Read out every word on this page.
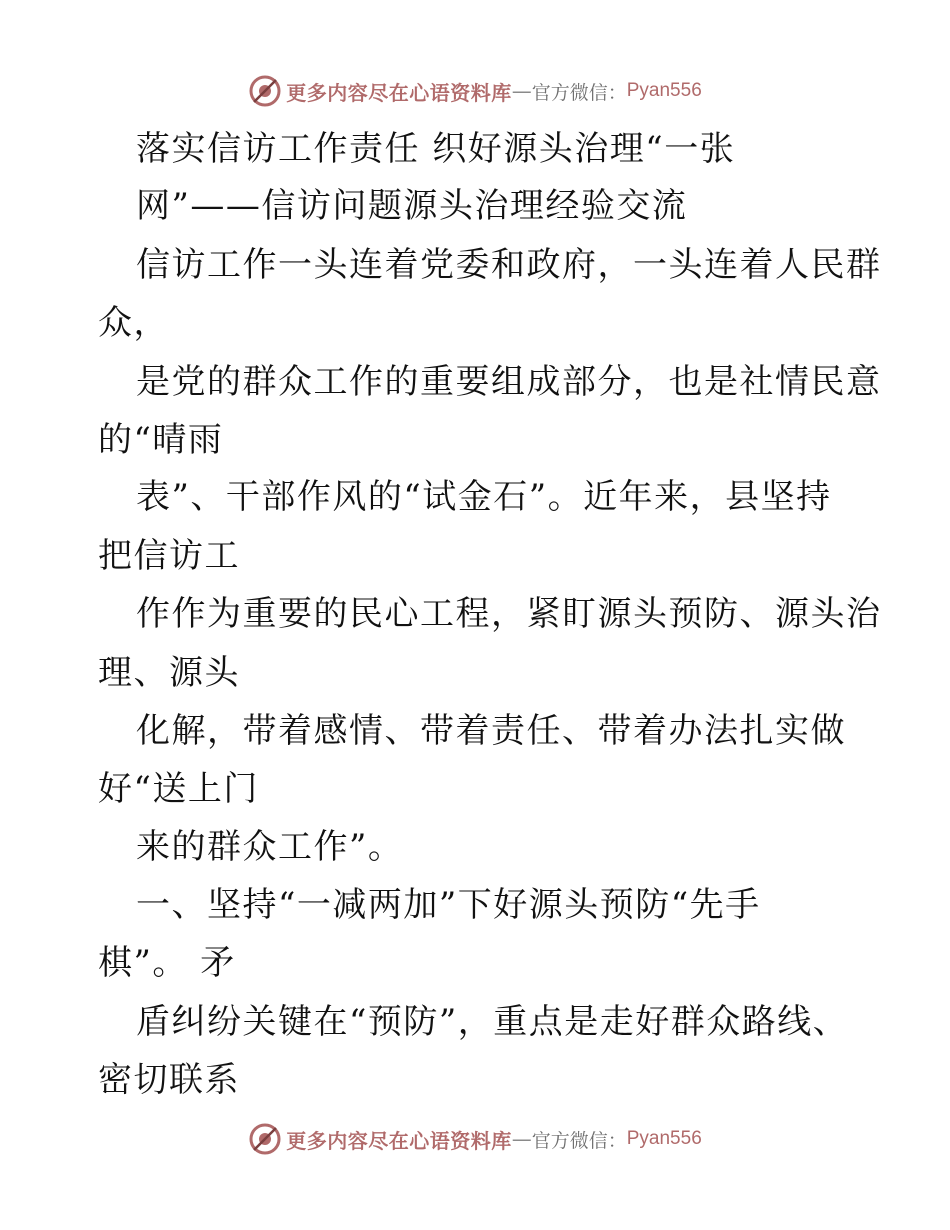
更多内容尽在心语资料库 — 官方微信： Pyan556
落实信访工作责任 织好源头治理“一张
网”——信访问题源头治理经验交流
信访工作一头连着党委和政府，一头连着人民群
众，
是党的群众工作的重要组成部分，也是社情民意
的“晴雨
表”、干部作风的“试金石”。近年来，县坚持
把信访工
作作为重要的民心工程，紧盯源头预防、源头治
理、源头
化解，带着感情、带着责任、带着办法扎实做
好“送上门
来的群众工作”。
一、坚持“一减两加”下好源头预防“先手
棋”。 矛
盾纠纷关键在“预防”，重点是走好群众路线、
密切联系
更多内容尽在心语资料库 — 官方微信： Pyan556
